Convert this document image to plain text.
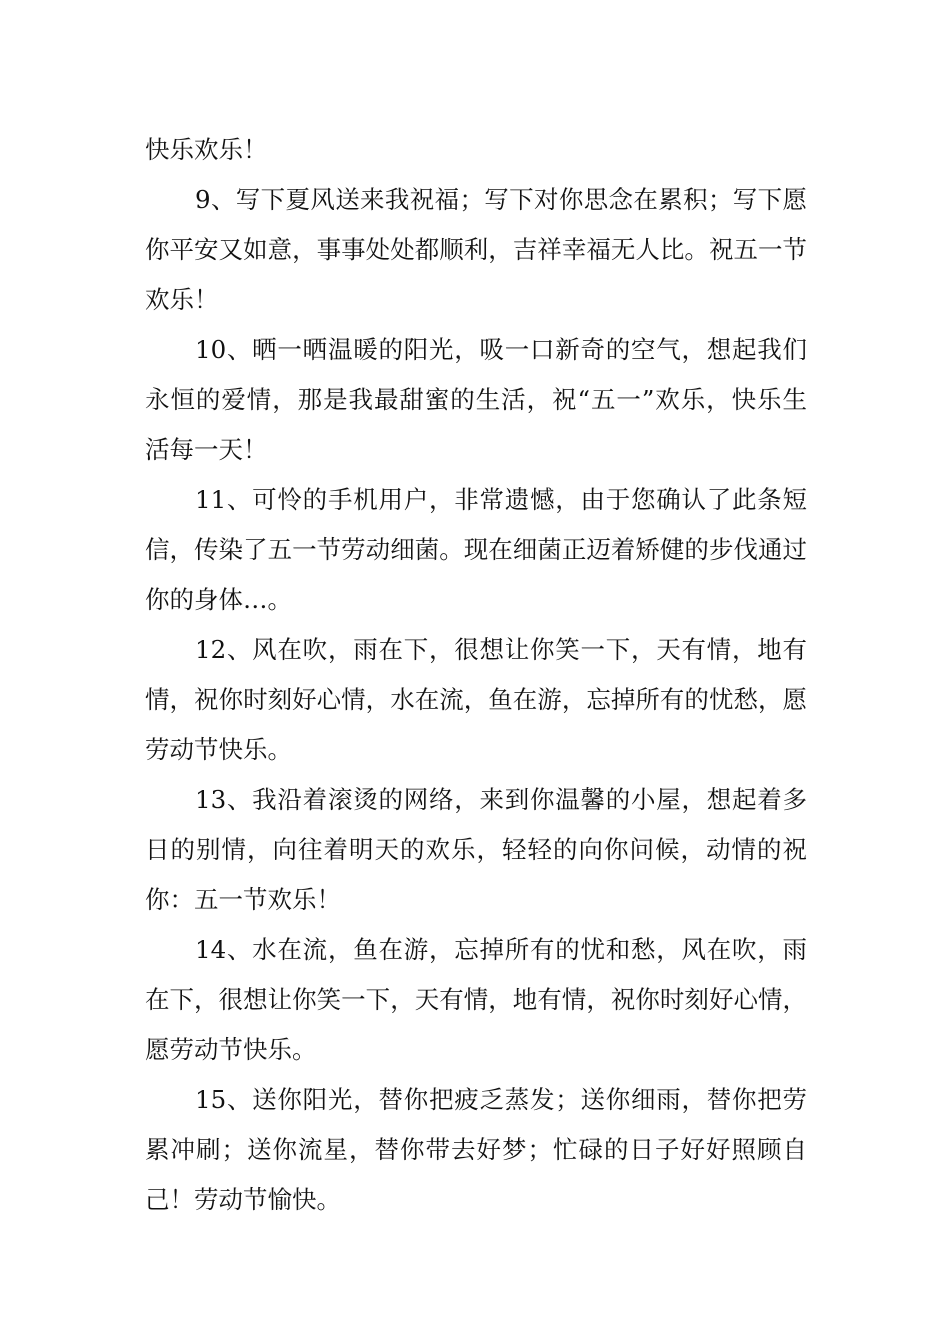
快乐欢乐！

9、写下夏风送来我祝福；写下对你思念在累积；写下愿你平安又如意，事事处处都顺利，吉祥幸福无人比。祝五一节欢乐！

10、晒一晒温暖的阳光，吸一口新奇的空气，想起我们永恒的爱情，那是我最甜蜜的生活，祝“五一”欢乐，快乐生活每一天！

11、可怜的手机用户，非常遗憾，由于您确认了此条短信，传染了五一节劳动细菌。现在细菌正迈着矫健的步伐通过你的身体…。

12、风在吹，雨在下，很想让你笑一下，天有情，地有情，祝你时刻好心情，水在流，鱼在游，忘掉所有的忧愁，愿劳动节快乐。

13、我沿着滚烫的网络，来到你温馨的小屋，想起着多日的别情，向往着明天的欢乐，轻轻的向你问候，动情的祝你：五一节欢乐！

14、水在流，鱼在游，忘掉所有的忧和愁，风在吹，雨在下，很想让你笑一下，天有情，地有情，祝你时刻好心情，愿劳动节快乐。

15、送你阳光，替你把疲乏蒸发；送你细雨，替你把劳累冲刷；送你流星，替你带去好梦；忙碌的日子好好照顾自己！劳动节愉快。
